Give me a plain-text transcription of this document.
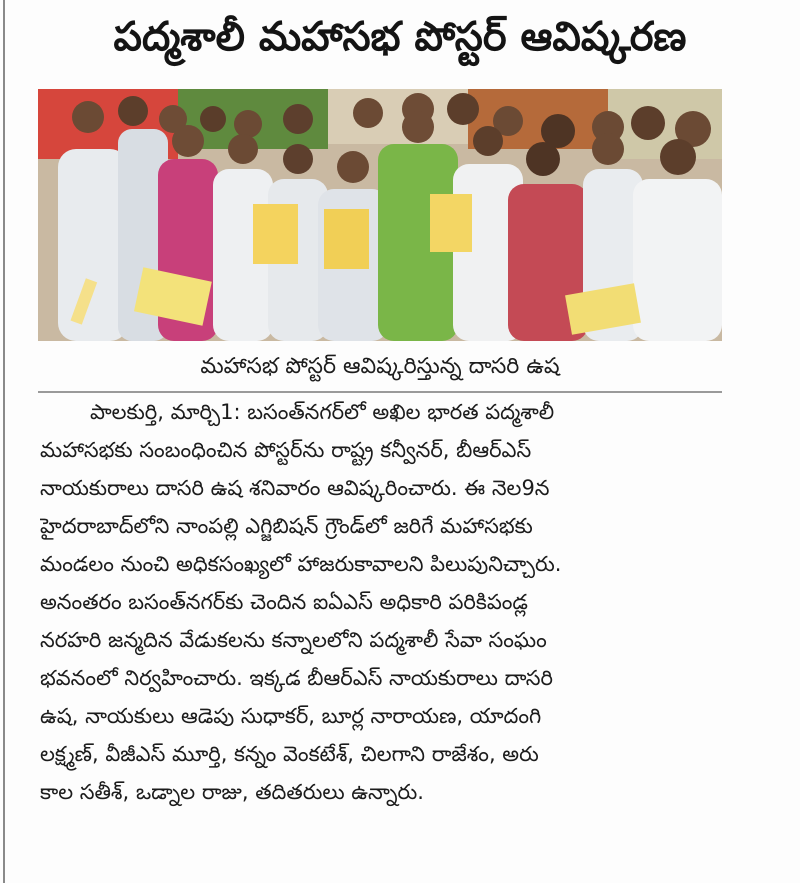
పద్మశాలీ మహాసభ పోస్టర్ ఆవిష్కరణ
మహాసభ పోస్టర్ ఆవిష్కరిస్తున్న దాసరి ఉష
పాలకుర్తి, మార్చి1: బసంత్‌నగర్‌లో అఖిల భారత పద్మశాలీ
మహాసభకు సంబంధించిన పోస్టర్‌ను రాష్ట్ర కన్వీనర్, బీఆర్‌ఎస్
నాయకురాలు దాసరి ఉష శనివారం ఆవిష్కరించారు. ఈ నెల9న
హైదరాబాద్‌లోని నాంపల్లి ఎగ్జిబిషన్ గ్రౌండ్‌లో జరిగే మహాసభకు
మండలం నుంచి అధికసంఖ్యలో హాజరుకావాలని పిలుపునిచ్చారు.
అనంతరం బసంత్‌నగర్‌కు చెందిన ఐఏఎస్ అధికారి పరికిపండ్ల
నరహరి జన్మదిన వేడుకలను కన్నాలలోని పద్మశాలీ సేవా సంఘం
భవనంలో నిర్వహించారు. ఇక్కడ బీఆర్‌ఎస్ నాయకురాలు దాసరి
ఉష, నాయకులు ఆడెపు సుధాకర్, బూర్ల నారాయణ, యాదంగి
లక్ష్మణ్, వీజీఎస్ మూర్తి, కన్నం వెంకటేశ్, చిలగాని రాజేశం, అరు
కాల సతీశ్, ఒడ్నాల రాజు, తదితరులు ఉన్నారు.
